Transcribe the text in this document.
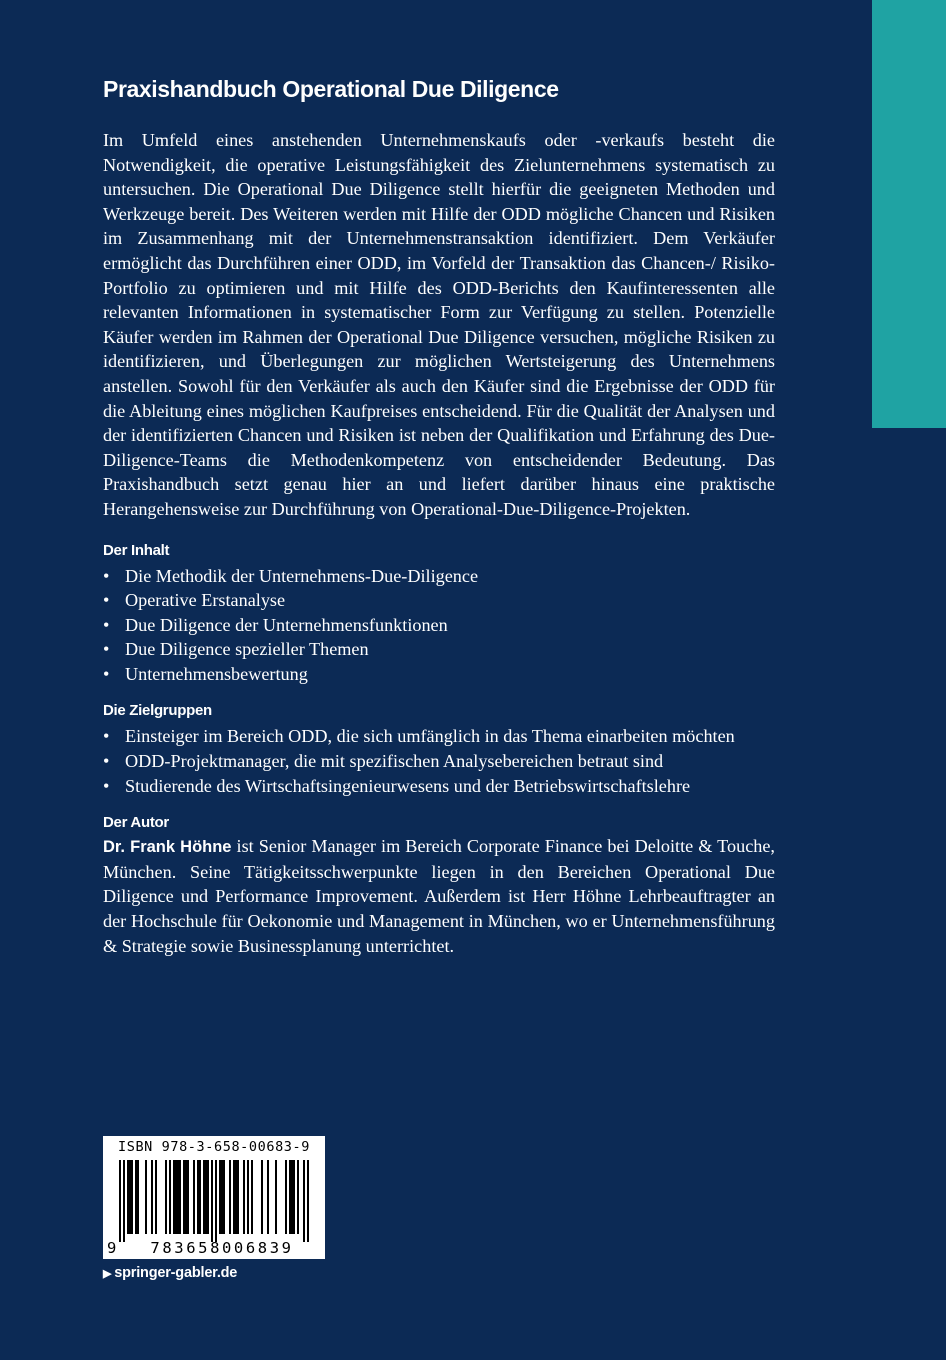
Praxishandbuch Operational Due Diligence

Im Umfeld eines anstehenden Unternehmenskaufs oder -verkaufs besteht die Notwendigkeit, die operative Leistungsfähigkeit des Zielunternehmens systematisch zu untersuchen. Die Operational Due Diligence stellt hierfür die geeigneten Methoden und Werkzeuge bereit. Des Weiteren werden mit Hilfe der ODD mögliche Chancen und Risiken im Zusammenhang mit der Unternehmenstransaktion identifiziert. Dem Verkäufer ermöglicht das Durchführen einer ODD, im Vorfeld der Transaktion das Chancen-/ Risiko-Portfolio zu optimieren und mit Hilfe des ODD-Berichts den Kaufinteressenten alle relevanten Informationen in systematischer Form zur Verfügung zu stellen. Potenzielle Käufer werden im Rahmen der Operational Due Diligence versuchen, mögliche Risiken zu identifizieren, und Überlegungen zur möglichen Wertsteigerung des Unternehmens anstellen. Sowohl für den Verkäufer als auch den Käufer sind die Ergebnisse der ODD für die Ableitung eines möglichen Kaufpreises entscheidend. Für die Qualität der Analysen und der identifizierten Chancen und Risiken ist neben der Qualifikation und Erfahrung des Due-Diligence-Teams die Methodenkompetenz von entscheidender Bedeutung. Das Praxishandbuch setzt genau hier an und liefert darüber hinaus eine praktische Herangehensweise zur Durchführung von Operational-Due-Diligence-Projekten.

Der Inhalt
• Die Methodik der Unternehmens-Due-Diligence
• Operative Erstanalyse
• Due Diligence der Unternehmensfunktionen
• Due Diligence spezieller Themen
• Unternehmensbewertung
Die Zielgruppen
• Einsteiger im Bereich ODD, die sich umfänglich in das Thema einarbeiten möchten
• ODD-Projektmanager, die mit spezifischen Analysebereichen betraut sind
• Studierende des Wirtschaftsingenieurwesens und der Betriebswirtschaftslehre
Der Autor

Dr. Frank Höhne ist Senior Manager im Bereich Corporate Finance bei Deloitte & Touche, München. Seine Tätigkeitsschwerpunkte liegen in den Bereichen Operational Due Diligence und Performance Improvement. Außerdem ist Herr Höhne Lehrbeauftragter an der Hochschule für Oekonomie und Management in München, wo er Unternehmensführung & Strategie sowie Businessplanung unterrichtet.

ISBN 978-3-658-00683-9
9	783658006839
▶ springer-gabler.de
